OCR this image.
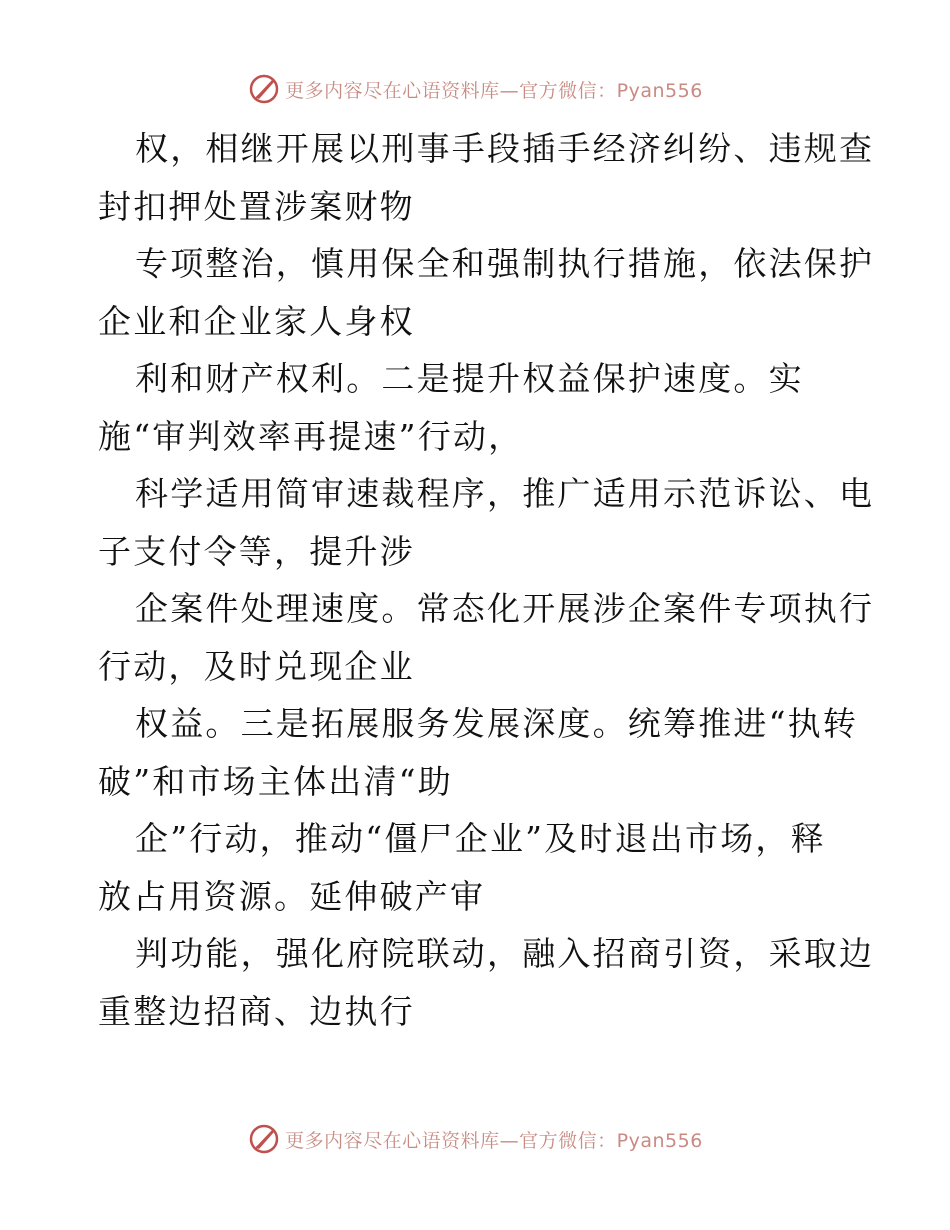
更多内容尽在心语资料库—官方微信：Pyan556

权，相继开展以刑事手段插手经济纠纷、违规查
封扣押处置涉案财物

专项整治，慎用保全和强制执行措施，依法保护
企业和企业家人身权

利和财产权利。二是提升权益保护速度。实
施“审判效率再提速”行动，

科学适用简审速裁程序，推广适用示范诉讼、电
子支付令等，提升涉

企案件处理速度。常态化开展涉企案件专项执行
行动，及时兑现企业

权益。三是拓展服务发展深度。统筹推进“执转
破”和市场主体出清“助

企”行动，推动“僵尸企业”及时退出市场，释
放占用资源。延伸破产审

判功能，强化府院联动，融入招商引资，采取边
重整边招商、边执行

更多内容尽在心语资料库—官方微信：Pyan556
